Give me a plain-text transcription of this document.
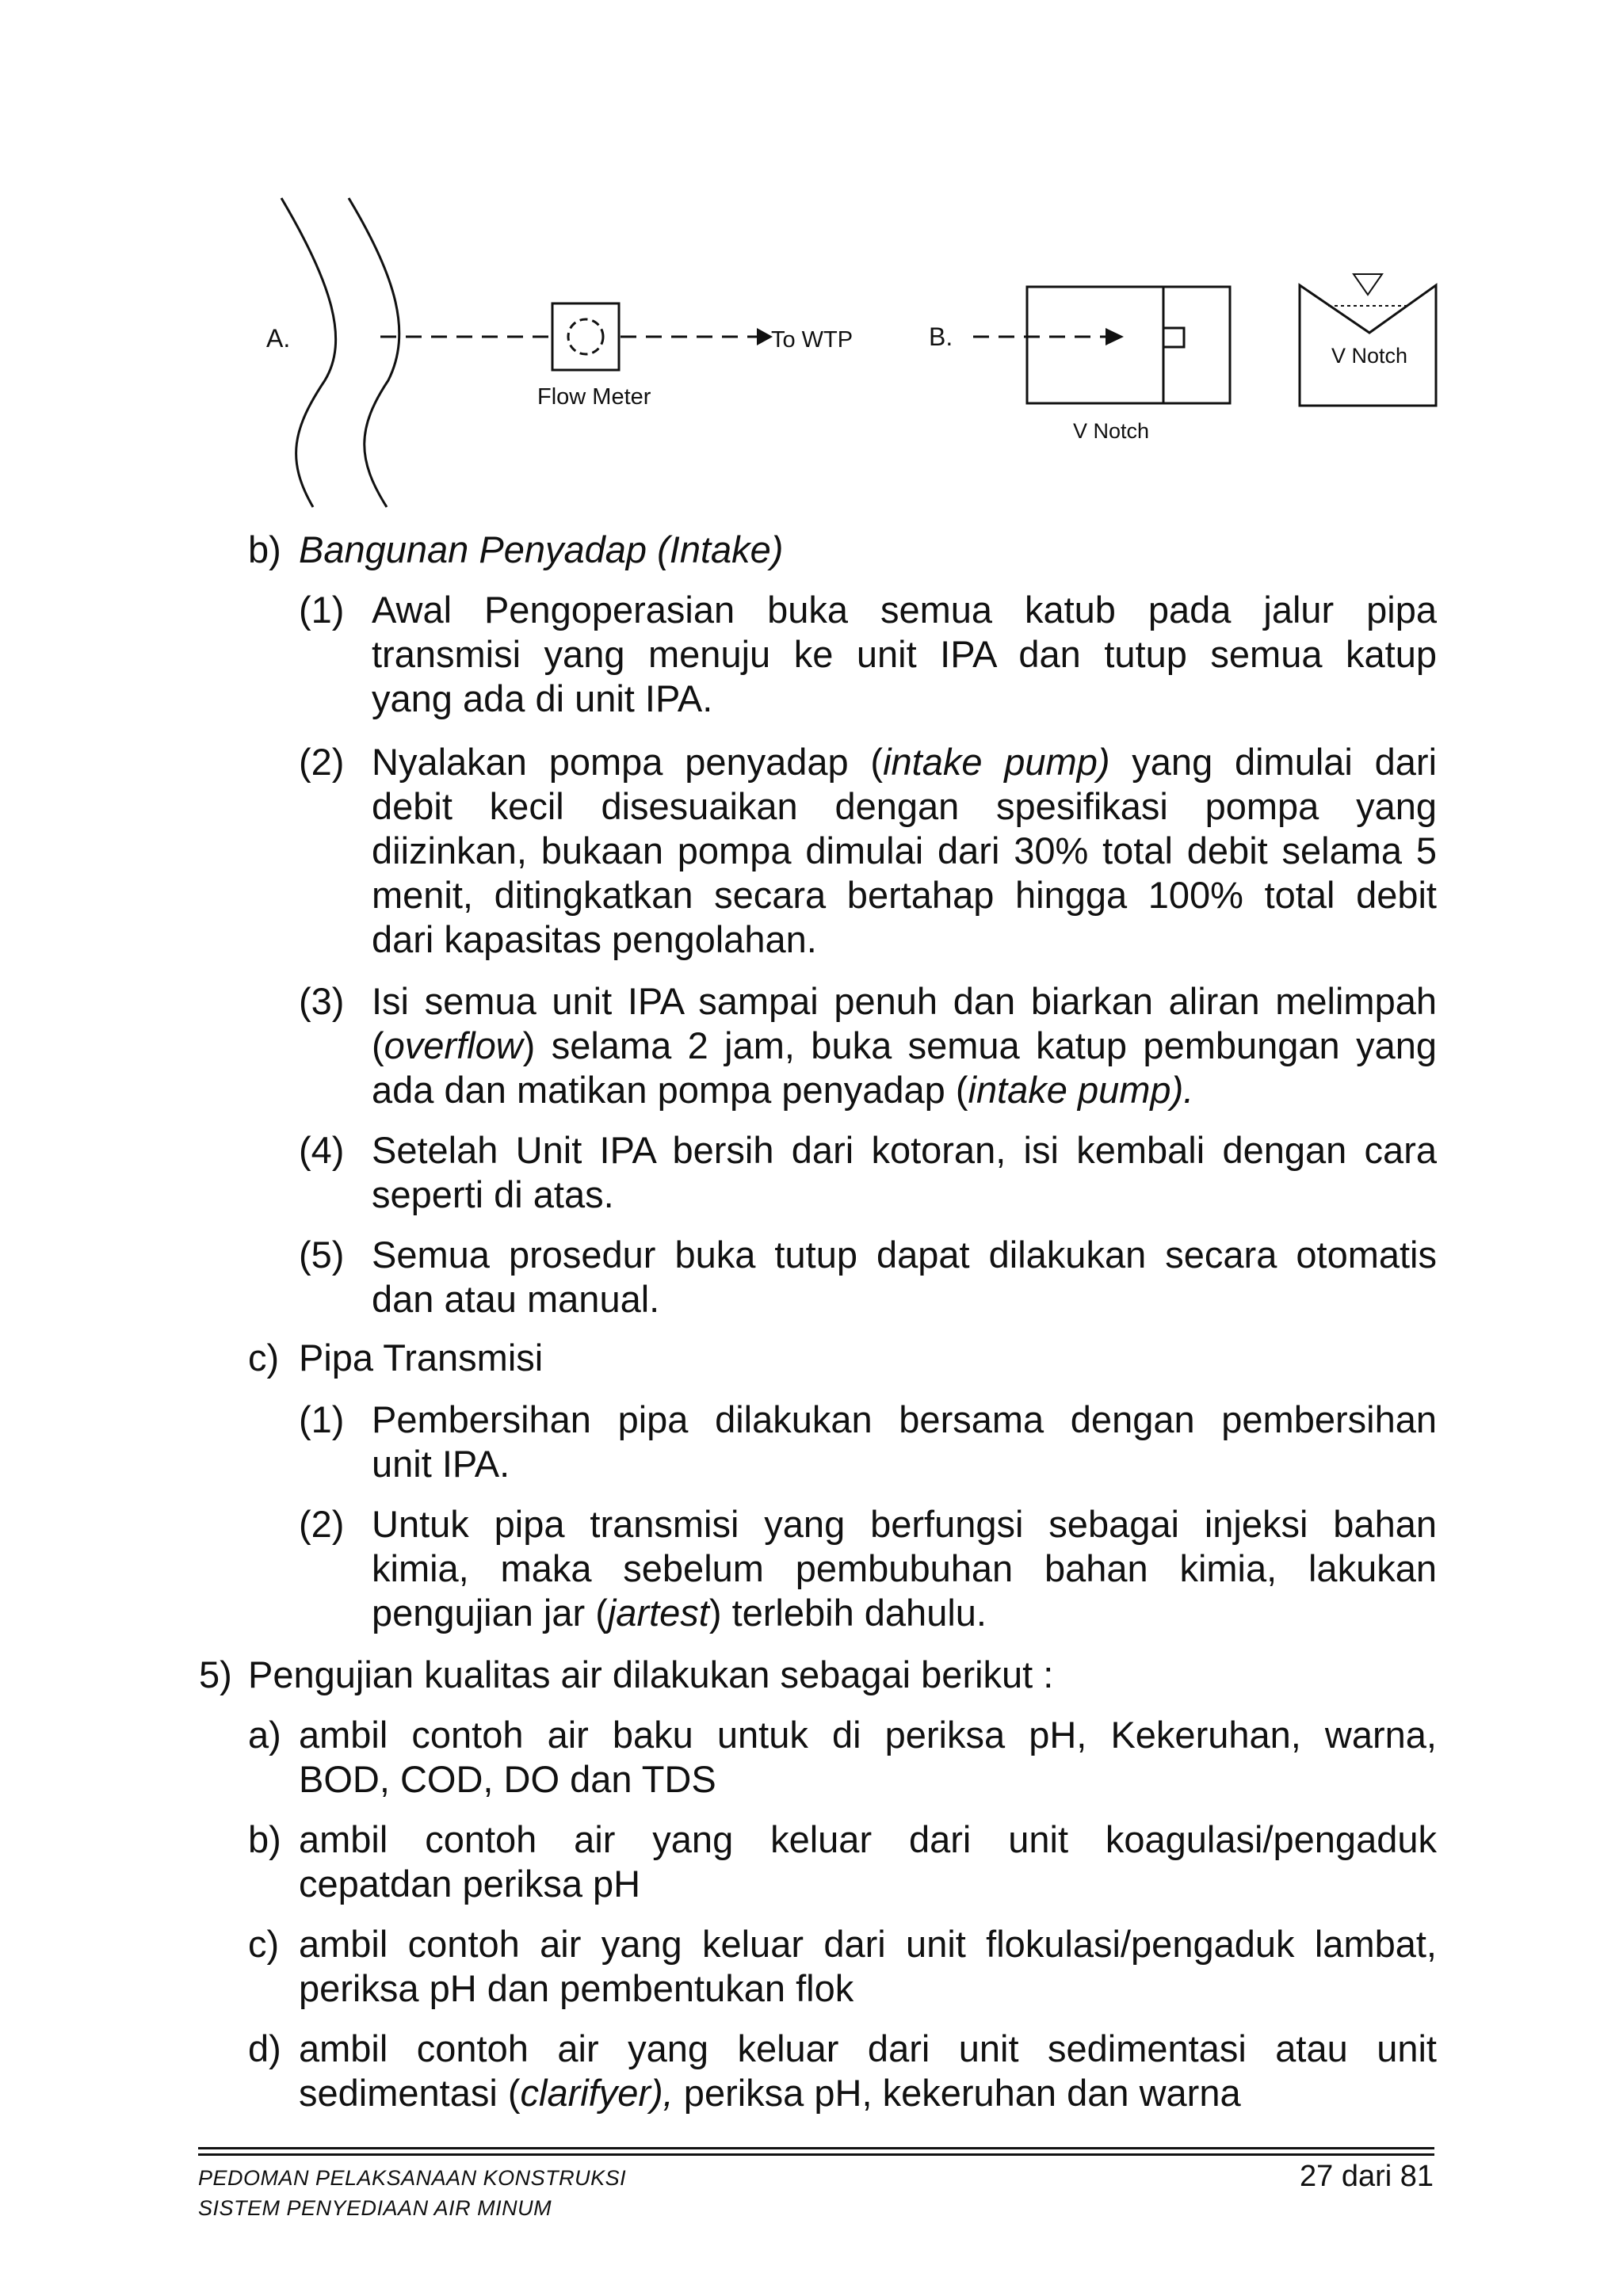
A.	To WTP
Flow Meter
B.
V Notch
V Notch
b) Bangunan Penyadap (Intake)
(1) Awal Pengoperasian buka semua katub pada jalur pipa
transmisi yang menuju ke unit IPA dan tutup semua katup
yang ada di unit IPA.
(2) Nyalakan pompa penyadap (intake pump) yang dimulai dari
debit kecil disesuaikan dengan spesifikasi pompa yang
diizinkan, bukaan pompa dimulai dari 30% total debit selama 5
menit, ditingkatkan secara bertahap hingga 100% total debit
dari kapasitas pengolahan.
(3) Isi semua unit IPA sampai penuh dan biarkan aliran melimpah
(overflow) selama 2 jam, buka semua katup pembungan yang
ada dan matikan pompa penyadap (intake pump).
(4) Setelah Unit IPA bersih dari kotoran, isi kembali dengan cara
seperti di atas.
(5) Semua prosedur buka tutup dapat dilakukan secara otomatis
dan atau manual.
c) Pipa Transmisi
(1) Pembersihan pipa dilakukan bersama dengan pembersihan
unit IPA.
(2) Untuk pipa transmisi yang berfungsi sebagai injeksi bahan
kimia, maka sebelum pembubuhan bahan kimia, lakukan
pengujian jar (jartest) terlebih dahulu.
5) Pengujian kualitas air dilakukan sebagai berikut :
a) ambil contoh air baku untuk di periksa pH, Kekeruhan, warna,
BOD, COD, DO dan TDS
b) ambil contoh air yang keluar dari unit koagulasi/pengaduk
cepatdan periksa pH
c) ambil contoh air yang keluar dari unit flokulasi/pengaduk lambat,
periksa pH dan pembentukan flok
d) ambil contoh air yang keluar dari unit sedimentasi atau unit
sedimentasi (clarifyer), periksa pH, kekeruhan dan warna
PEDOMAN PELAKSANAAN KONSTRUKSI
SISTEM PENYEDIAAN AIR MINUM
27 dari 81
